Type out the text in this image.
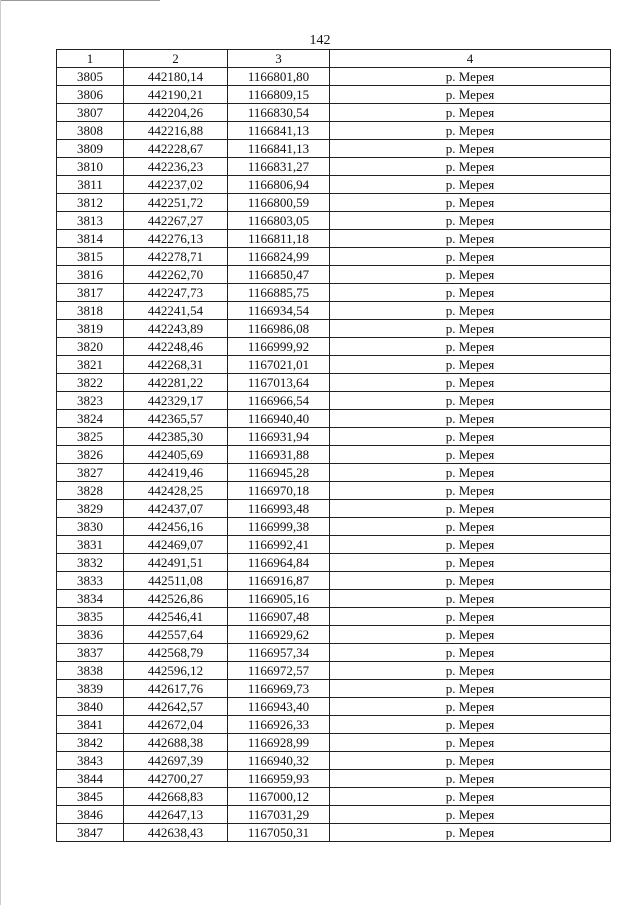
142
1	2	3	4
3805	442180,14	1166801,80	р. Мерея
3806	442190,21	1166809,15	р. Мерея
3807	442204,26	1166830,54	р. Мерея
3808	442216,88	1166841,13	р. Мерея
3809	442228,67	1166841,13	р. Мерея
3810	442236,23	1166831,27	р. Мерея
3811	442237,02	1166806,94	р. Мерея
3812	442251,72	1166800,59	р. Мерея
3813	442267,27	1166803,05	р. Мерея
3814	442276,13	1166811,18	р. Мерея
3815	442278,71	1166824,99	р. Мерея
3816	442262,70	1166850,47	р. Мерея
3817	442247,73	1166885,75	р. Мерея
3818	442241,54	1166934,54	р. Мерея
3819	442243,89	1166986,08	р. Мерея
3820	442248,46	1166999,92	р. Мерея
3821	442268,31	1167021,01	р. Мерея
3822	442281,22	1167013,64	р. Мерея
3823	442329,17	1166966,54	р. Мерея
3824	442365,57	1166940,40	р. Мерея
3825	442385,30	1166931,94	р. Мерея
3826	442405,69	1166931,88	р. Мерея
3827	442419,46	1166945,28	р. Мерея
3828	442428,25	1166970,18	р. Мерея
3829	442437,07	1166993,48	р. Мерея
3830	442456,16	1166999,38	р. Мерея
3831	442469,07	1166992,41	р. Мерея
3832	442491,51	1166964,84	р. Мерея
3833	442511,08	1166916,87	р. Мерея
3834	442526,86	1166905,16	р. Мерея
3835	442546,41	1166907,48	р. Мерея
3836	442557,64	1166929,62	р. Мерея
3837	442568,79	1166957,34	р. Мерея
3838	442596,12	1166972,57	р. Мерея
3839	442617,76	1166969,73	р. Мерея
3840	442642,57	1166943,40	р. Мерея
3841	442672,04	1166926,33	р. Мерея
3842	442688,38	1166928,99	р. Мерея
3843	442697,39	1166940,32	р. Мерея
3844	442700,27	1166959,93	р. Мерея
3845	442668,83	1167000,12	р. Мерея
3846	442647,13	1167031,29	р. Мерея
3847	442638,43	1167050,31	р. Мерея
